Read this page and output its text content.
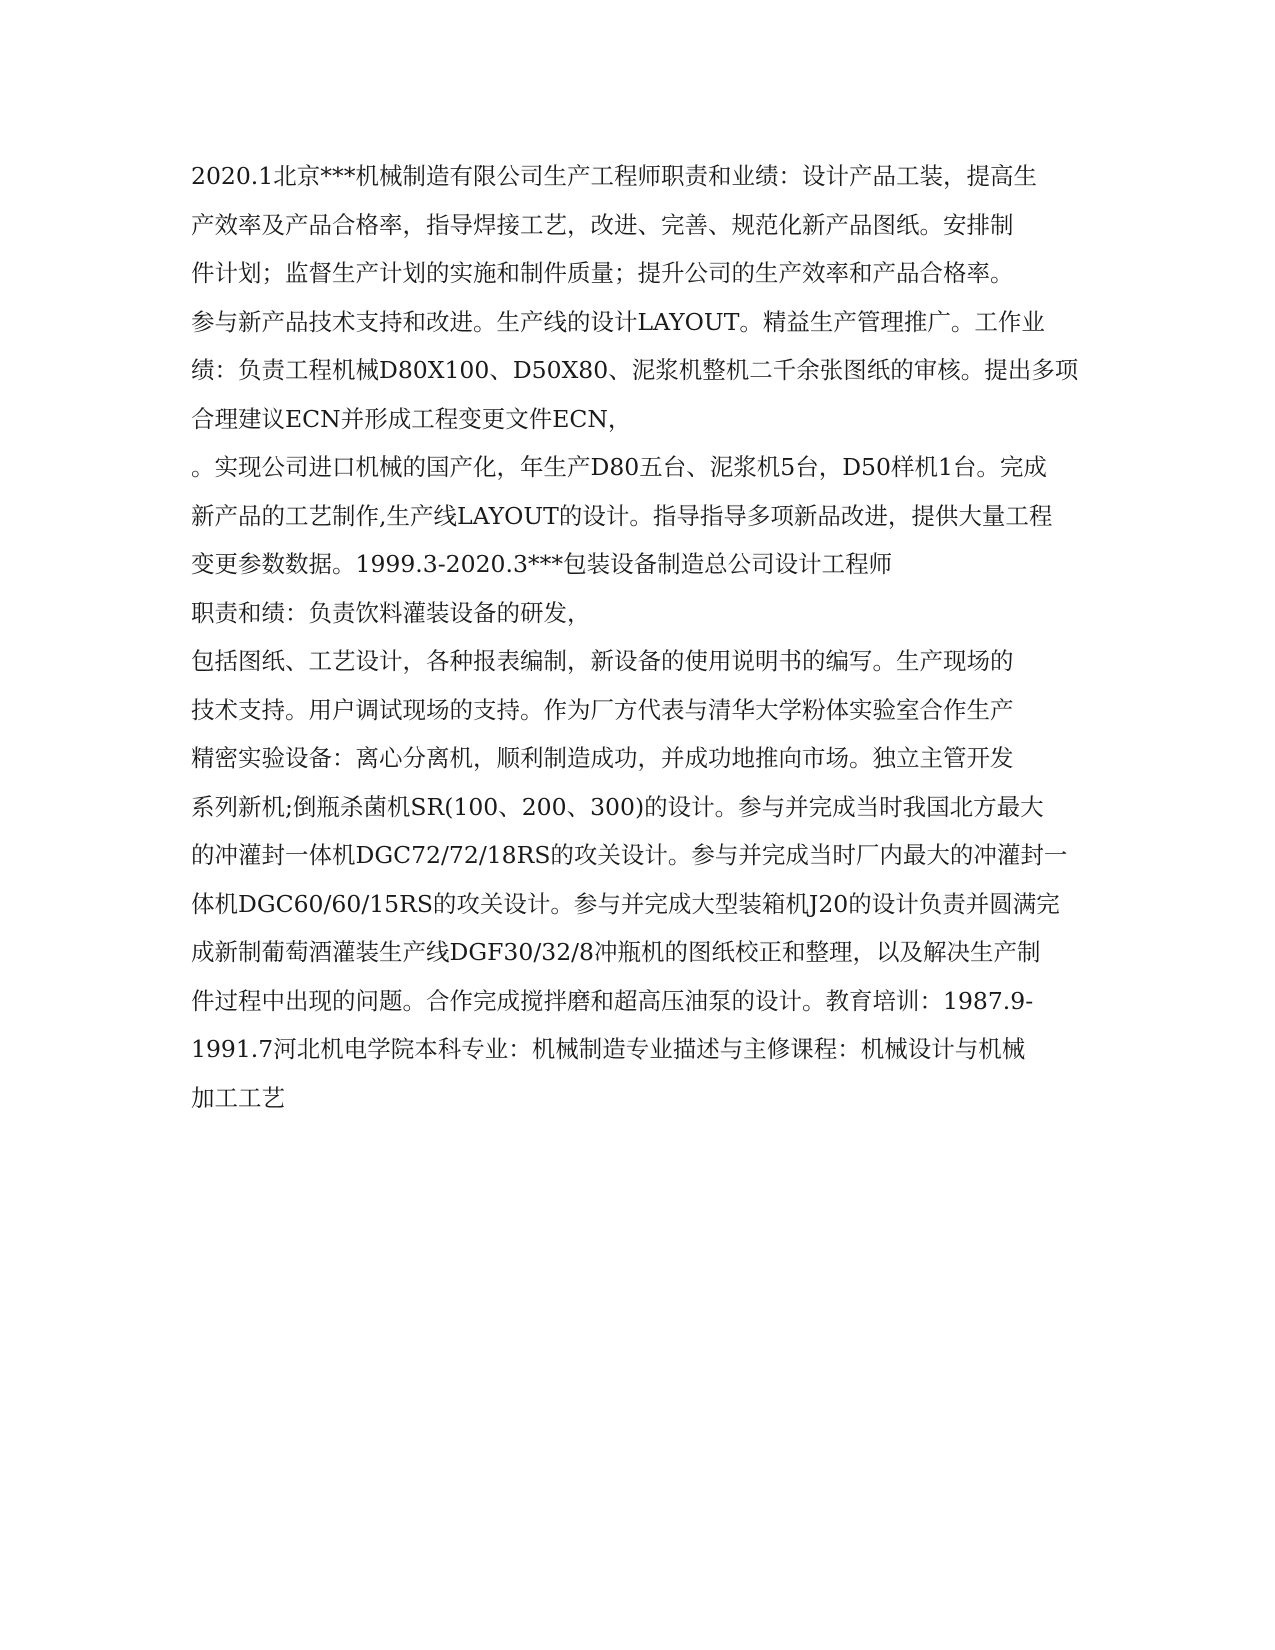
2020.1北京***机械制造有限公司生产工程师职责和业绩：设计产品工装，提高生
产效率及产品合格率，指导焊接工艺，改进、完善、规范化新产品图纸。安排制
件计划；监督生产计划的实施和制件质量；提升公司的生产效率和产品合格率。
参与新产品技术支持和改进。生产线的设计LAYOUT。精益生产管理推广。工作业
绩：负责工程机械D80X100、D50X80、泥浆机整机二千余张图纸的审核。提出多项
合理建议ECN并形成工程变更文件ECN，
。实现公司进口机械的国产化，年生产D80五台、泥浆机5台，D50样机1台。完成
新产品的工艺制作,生产线LAYOUT的设计。指导指导多项新品改进，提供大量工程
变更参数数据。1999.3-2020.3***包装设备制造总公司设计工程师
职责和绩：负责饮料灌装设备的研发，
包括图纸、工艺设计，各种报表编制，新设备的使用说明书的编写。生产现场的
技术支持。用户调试现场的支持。作为厂方代表与清华大学粉体实验室合作生产
精密实验设备：离心分离机，顺利制造成功，并成功地推向市场。独立主管开发
系列新机;倒瓶杀菌机SR(100、200、300)的设计。参与并完成当时我国北方最大
的冲灌封一体机DGC72/72/18RS的攻关设计。参与并完成当时厂内最大的冲灌封一
体机DGC60/60/15RS的攻关设计。参与并完成大型装箱机J20的设计负责并圆满完
成新制葡萄酒灌装生产线DGF30/32/8冲瓶机的图纸校正和整理，以及解决生产制
件过程中出现的问题。合作完成搅拌磨和超高压油泵的设计。教育培训：1987.9-
1991.7河北机电学院本科专业：机械制造专业描述与主修课程：机械设计与机械
加工工艺
